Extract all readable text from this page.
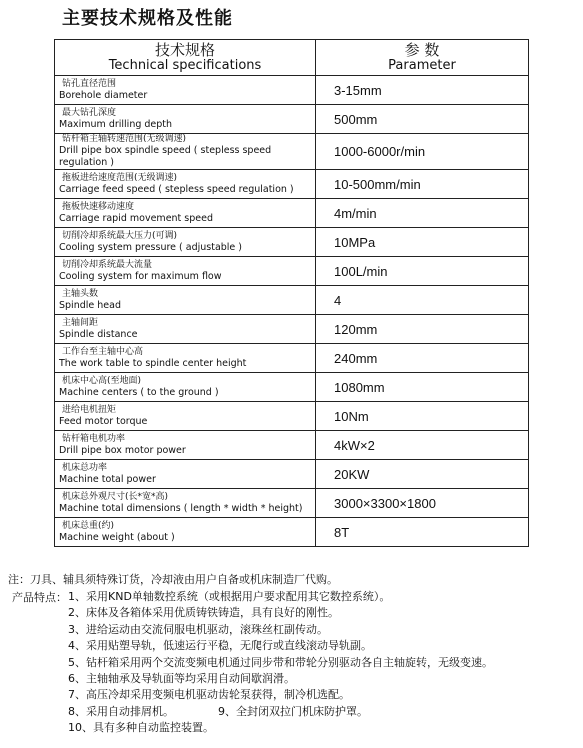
主要技术规格及性能
技术规格
Technical specifications	参 数
Parameter

钻孔直径范围
Borehole diameter	3-15mm

最大钻孔深度
Maximum drilling depth	500mm

钻杆箱主轴转速范围(无级调速)
Drill pipe box spindle speed ( stepless speed regulation )	1000-6000r/min

拖板进给速度范围(无级调速)
Carriage feed speed ( stepless speed regulation )	10-500mm/min

拖板快速移动速度
Carriage rapid movement speed	4m/min

切削冷却系统最大压力(可调)
Cooling system pressure ( adjustable )	10MPa

切削冷却系统最大流量
Cooling system for maximum flow	100L/min

主轴头数
Spindle head	4

主轴间距
Spindle distance	120mm

工作台至主轴中心高
The work table to spindle center height	240mm

机床中心高(至地面)
Machine centers ( to the ground )	1080mm

进给电机扭矩
Feed motor torque	10Nm

钻杆箱电机功率
Drill pipe box motor power	4kW×2

机床总功率
Machine total power	20KW

机床总外观尺寸(长*宽*高)
Machine total dimensions ( length * width * height)	3000×3300×1800

机床总重(约)
Machine weight (about )	8T
注：刀具、辅具须特殊订货，冷却液由用户自备或机床制造厂代购。
产品特点： 1、采用KND单轴数控系统（或根据用户要求配用其它数控系统）。
2、床体及各箱体采用优质铸铁铸造，具有良好的刚性。
3、进给运动由交流伺服电机驱动，滚珠丝杠副传动。
4、采用贴塑导轨，低速运行平稳，无爬行或直线滚动导轨副。
5、钻杆箱采用两个交流变频电机通过同步带和带轮分别驱动各自主轴旋转，无级变速。
6、主轴轴承及导轨面等均采用自动间歇润滑。
7、高压冷却采用变频电机驱动齿轮泵获得，制冷机选配。
8、采用自动排屑机。	9、全封闭双拉门机床防护罩。
10、具有多种自动监控装置。
